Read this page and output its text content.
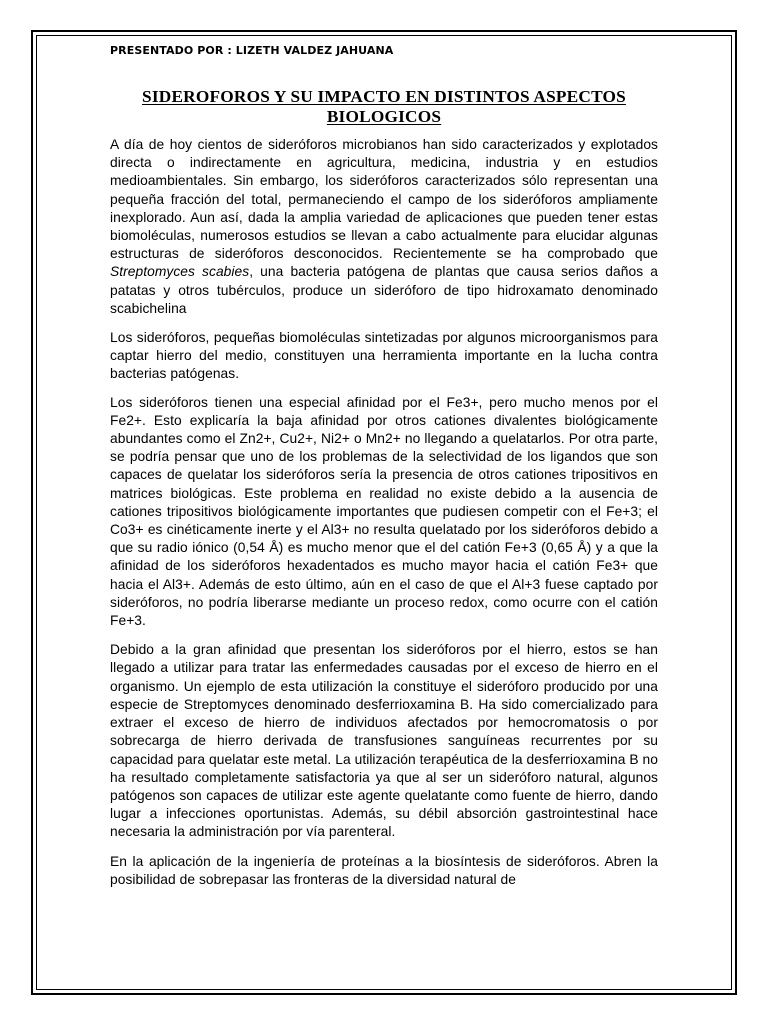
PRESENTADO POR : LIZETH VALDEZ JAHUANA
SIDEROFOROS Y SU IMPACTO EN DISTINTOS ASPECTOS BIOLOGICOS

A día de hoy cientos de sideróforos microbianos han sido caracterizados y explotados directa o indirectamente en agricultura, medicina, industria y en estudios medioambientales. Sin embargo, los sideróforos caracterizados sólo representan una pequeña fracción del total, permaneciendo el campo de los sideróforos ampliamente inexplorado. Aun así, dada la amplia variedad de aplicaciones que pueden tener estas biomoléculas, numerosos estudios se llevan a cabo actualmente para elucidar algunas estructuras de sideróforos desconocidos. Recientemente se ha comprobado que Streptomyces scabies, una bacteria patógena de plantas que causa serios daños a patatas y otros tubérculos, produce un sideróforo de tipo hidroxamato denominado scabichelina

Los sideróforos, pequeñas biomoléculas sintetizadas por algunos microorganismos para captar hierro del medio, constituyen una herramienta importante en la lucha contra bacterias patógenas.

Los sideróforos tienen una especial afinidad por el Fe3+, pero mucho menos por el Fe2+. Esto explicaría la baja afinidad por otros cationes divalentes biológicamente abundantes como el Zn2+, Cu2+, Ni2+ o Mn2+ no llegando a quelatarlos. Por otra parte, se podría pensar que uno de los problemas de la selectividad de los ligandos que son capaces de quelatar los sideróforos sería la presencia de otros cationes tripositivos en matrices biológicas. Este problema en realidad no existe debido a la ausencia de cationes tripositivos biológicamente importantes que pudiesen competir con el Fe+3; el Co3+ es cinéticamente inerte y el Al3+ no resulta quelatado por los sideróforos debido a que su radio iónico (0,54 Å) es mucho menor que el del catión Fe+3 (0,65 Å) y a que la afinidad de los sideróforos hexadentados es mucho mayor hacia el catión Fe3+ que hacia el Al3+. Además de esto último, aún en el caso de que el Al+3 fuese captado por sideróforos, no podría liberarse mediante un proceso redox, como ocurre con el catión Fe+3.

Debido a la gran afinidad que presentan los sideróforos por el hierro, estos se han llegado a utilizar para tratar las enfermedades causadas por el exceso de hierro en el organismo. Un ejemplo de esta utilización la constituye el sideróforo producido por una especie de Streptomyces denominado desferrioxamina B. Ha sido comercializado para extraer el exceso de hierro de individuos afectados por hemocromatosis o por sobrecarga de hierro derivada de transfusiones sanguíneas recurrentes por su capacidad para quelatar este metal. La utilización terapéutica de la desferrioxamina B no ha resultado completamente satisfactoria ya que al ser un sideróforo natural, algunos patógenos son capaces de utilizar este agente quelatante como fuente de hierro, dando lugar a infecciones oportunistas. Además, su débil absorción gastrointestinal hace necesaria la administración por vía parenteral.

En la aplicación de la ingeniería de proteínas a la biosíntesis de sideróforos. Abren la posibilidad de sobrepasar las fronteras de la diversidad natural de
